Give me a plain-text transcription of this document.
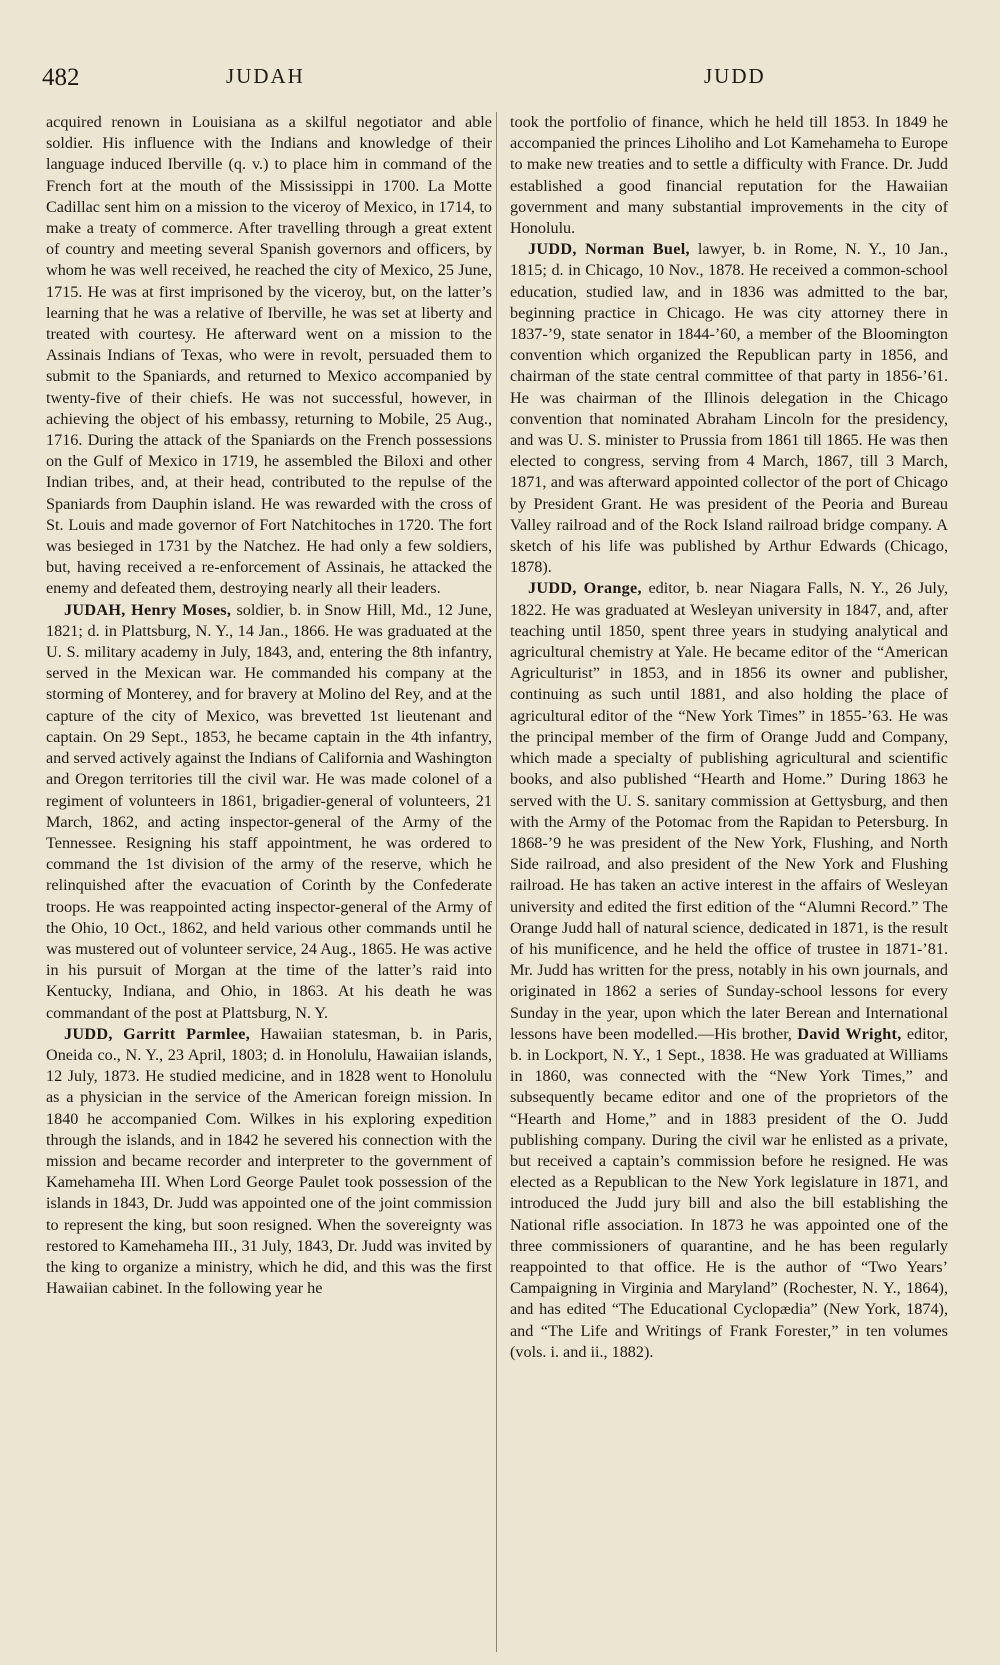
482	JUDAH	JUDD

acquired renown in Louisiana as a skilful negotiator and able soldier. His influence with the Indians and knowledge of their language induced Iberville (q. v.) to place him in command of the French fort at the mouth of the Mississippi in 1700. La Motte Cadillac sent him on a mission to the viceroy of Mexico, in 1714, to make a treaty of commerce. After travelling through a great extent of country and meeting several Spanish governors and officers, by whom he was well received, he reached the city of Mexico, 25 June, 1715. He was at first imprisoned by the viceroy, but, on the latter’s learning that he was a relative of Iberville, he was set at liberty and treated with courtesy. He afterward went on a mission to the Assinais Indians of Texas, who were in revolt, persuaded them to submit to the Spaniards, and returned to Mexico accompanied by twenty-five of their chiefs. He was not successful, however, in achieving the object of his embassy, returning to Mobile, 25 Aug., 1716. During the attack of the Spaniards on the French possessions on the Gulf of Mexico in 1719, he assembled the Biloxi and other Indian tribes, and, at their head, contributed to the repulse of the Spaniards from Dauphin island. He was rewarded with the cross of St. Louis and made governor of Fort Natchitoches in 1720. The fort was besieged in 1731 by the Natchez. He had only a few soldiers, but, having received a re-enforcement of Assinais, he attacked the enemy and defeated them, destroying nearly all their leaders.

JUDAH, Henry Moses, soldier, b. in Snow Hill, Md., 12 June, 1821; d. in Plattsburg, N. Y., 14 Jan., 1866. He was graduated at the U. S. military academy in July, 1843, and, entering the 8th infantry, served in the Mexican war. He commanded his company at the storming of Monterey, and for bravery at Molino del Rey, and at the capture of the city of Mexico, was brevetted 1st lieutenant and captain. On 29 Sept., 1853, he became captain in the 4th infantry, and served actively against the Indians of California and Washington and Oregon territories till the civil war. He was made colonel of a regiment of volunteers in 1861, brigadier-general of volunteers, 21 March, 1862, and acting inspector-general of the Army of the Tennessee. Resigning his staff appointment, he was ordered to command the 1st division of the army of the reserve, which he relinquished after the evacuation of Corinth by the Confederate troops. He was reappointed acting inspector-general of the Army of the Ohio, 10 Oct., 1862, and held various other commands until he was mustered out of volunteer service, 24 Aug., 1865. He was active in his pursuit of Morgan at the time of the latter’s raid into Kentucky, Indiana, and Ohio, in 1863. At his death he was commandant of the post at Plattsburg, N. Y.

JUDD, Garritt Parmlee, Hawaiian statesman, b. in Paris, Oneida co., N. Y., 23 April, 1803; d. in Honolulu, Hawaiian islands, 12 July, 1873. He studied medicine, and in 1828 went to Honolulu as a physician in the service of the American foreign mission. In 1840 he accompanied Com. Wilkes in his exploring expedition through the islands, and in 1842 he severed his connection with the mission and became recorder and interpreter to the government of Kamehameha III. When Lord George Paulet took possession of the islands in 1843, Dr. Judd was appointed one of the joint commission to represent the king, but soon resigned. When the sovereignty was restored to Kamehameha III., 31 July, 1843, Dr. Judd was invited by the king to organize a ministry, which he did, and this was the first Hawaiian cabinet. In the following year he

took the portfolio of finance, which he held till 1853. In 1849 he accompanied the princes Liholiho and Lot Kamehameha to Europe to make new treaties and to settle a difficulty with France. Dr. Judd established a good financial reputation for the Hawaiian government and many substantial improvements in the city of Honolulu.

JUDD, Norman Buel, lawyer, b. in Rome, N. Y., 10 Jan., 1815; d. in Chicago, 10 Nov., 1878. He received a common-school education, studied law, and in 1836 was admitted to the bar, beginning practice in Chicago. He was city attorney there in 1837-’9, state senator in 1844-’60, a member of the Bloomington convention which organized the Republican party in 1856, and chairman of the state central committee of that party in 1856-’61. He was chairman of the Illinois delegation in the Chicago convention that nominated Abraham Lincoln for the presidency, and was U. S. minister to Prussia from 1861 till 1865. He was then elected to congress, serving from 4 March, 1867, till 3 March, 1871, and was afterward appointed collector of the port of Chicago by President Grant. He was president of the Peoria and Bureau Valley railroad and of the Rock Island railroad bridge company. A sketch of his life was published by Arthur Edwards (Chicago, 1878).

JUDD, Orange, editor, b. near Niagara Falls, N. Y., 26 July, 1822. He was graduated at Wesleyan university in 1847, and, after teaching until 1850, spent three years in studying analytical and agricultural chemistry at Yale. He became editor of the “American Agriculturist” in 1853, and in 1856 its owner and publisher, continuing as such until 1881, and also holding the place of agricultural editor of the “New York Times” in 1855-’63. He was the principal member of the firm of Orange Judd and Company, which made a specialty of publishing agricultural and scientific books, and also published “Hearth and Home.” During 1863 he served with the U. S. sanitary commission at Gettysburg, and then with the Army of the Potomac from the Rapidan to Petersburg. In 1868-’9 he was president of the New York, Flushing, and North Side railroad, and also president of the New York and Flushing railroad. He has taken an active interest in the affairs of Wesleyan university and edited the first edition of the “Alumni Record.” The Orange Judd hall of natural science, dedicated in 1871, is the result of his munificence, and he held the office of trustee in 1871-’81. Mr. Judd has written for the press, notably in his own journals, and originated in 1862 a series of Sunday-school lessons for every Sunday in the year, upon which the later Berean and International lessons have been modelled.—His brother, David Wright, editor, b. in Lockport, N. Y., 1 Sept., 1838. He was graduated at Williams in 1860, was connected with the “New York Times,” and subsequently became editor and one of the proprietors of the “Hearth and Home,” and in 1883 president of the O. Judd publishing company. During the civil war he enlisted as a private, but received a captain’s commission before he resigned. He was elected as a Republican to the New York legislature in 1871, and introduced the Judd jury bill and also the bill establishing the National rifle association. In 1873 he was appointed one of the three commissioners of quarantine, and he has been regularly reappointed to that office. He is the author of “Two Years’ Campaigning in Virginia and Maryland” (Rochester, N. Y., 1864), and has edited “The Educational Cyclopædia” (New York, 1874), and “The Life and Writings of Frank Forester,” in ten volumes (vols. i. and ii., 1882).
